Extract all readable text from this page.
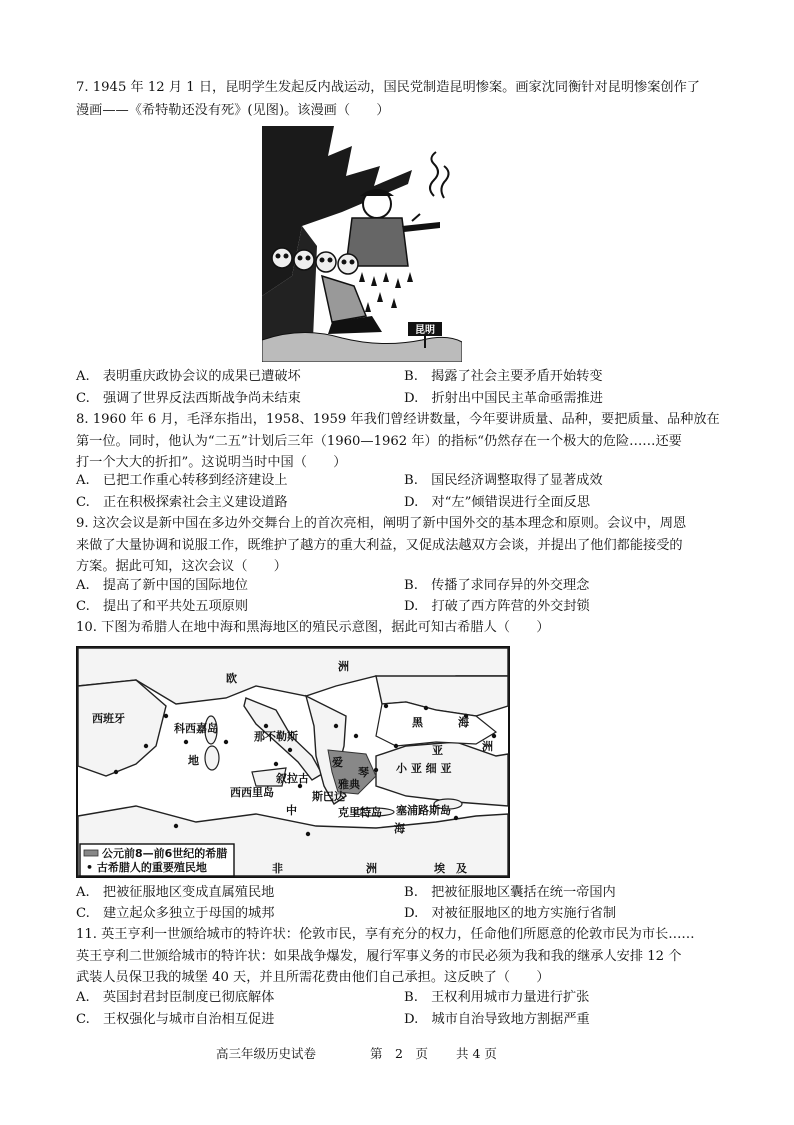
7. 1945 年 12 月 1 日，昆明学生发起反内战运动，国民党制造昆明惨案。画家沈同衡针对昆明惨案创作了
漫画——《希特勒还没有死》(见图)。该漫画（　　）
昆明
A.　表明重庆政协会议的成果已遭破坏	B.　揭露了社会主要矛盾开始转变
C.　强调了世界反法西斯战争尚未结束	D.　折射出中国民主革命亟需推进
8. 1960 年 6 月，毛泽东指出，1958、1959 年我们曾经讲数量，今年要讲质量、品种，要把质量、品种放在
第一位。同时，他认为“二五”计划后三年（1960—1962 年）的指标“仍然存在一个极大的危险……还要
打一个大大的折扣”。这说明当时中国（　　）
A.　已把工作重心转移到经济建设上	B.　国民经济调整取得了显著成效
C.　正在积极探索社会主义建设道路	D.　对“左”倾错误进行全面反思
9. 这次会议是新中国在多边外交舞台上的首次亮相，阐明了新中国外交的基本理念和原则。会议中，周恩
来做了大量协调和说服工作，既维护了越方的重大利益，又促成法越双方会谈，并提出了他们都能接受的
方案。据此可知，这次会议（　　）
A.　提高了新中国的国际地位	B.　传播了求同存异的外交理念
C.　提出了和平共处五项原则	D.　打破了西方阵营的外交封锁
10. 下图为希腊人在地中海和黑海地区的殖民示意图，据此可知古希腊人（　　）
欧
洲
西班牙
科西嘉岛
那不勒斯
黑	海
亚	洲
小 亚 细 亚
地
叙拉古
爱
琴
雅典
西西里岛
中
斯巴达
克里特岛 塞浦路斯岛
海
非	洲	埃　及
公元前8—前6世纪的希腊
• 古希腊人的重要殖民地
A.　把被征服地区变成直属殖民地	B.　把被征服地区囊括在统一帝国内
C.　建立起众多独立于母国的城邦	D.　对被征服地区的地方实施行省制
11. 英王亨利一世颁给城市的特许状：伦敦市民，享有充分的权力，任命他们所愿意的伦敦市民为市长……
英王亨利二世颁给城市的特许状：如果战争爆发，履行军事义务的市民必须为我和我的继承人安排 12 个
武装人员保卫我的城堡 40 天，并且所需花费由他们自己承担。这反映了（　　）
A.　英国封君封臣制度已彻底解体	B.　王权利用城市力量进行扩张
C.　王权强化与城市自治相互促进	D.　城市自治导致地方割据严重
高三年级历史试卷	第　2　页 共 4 页
